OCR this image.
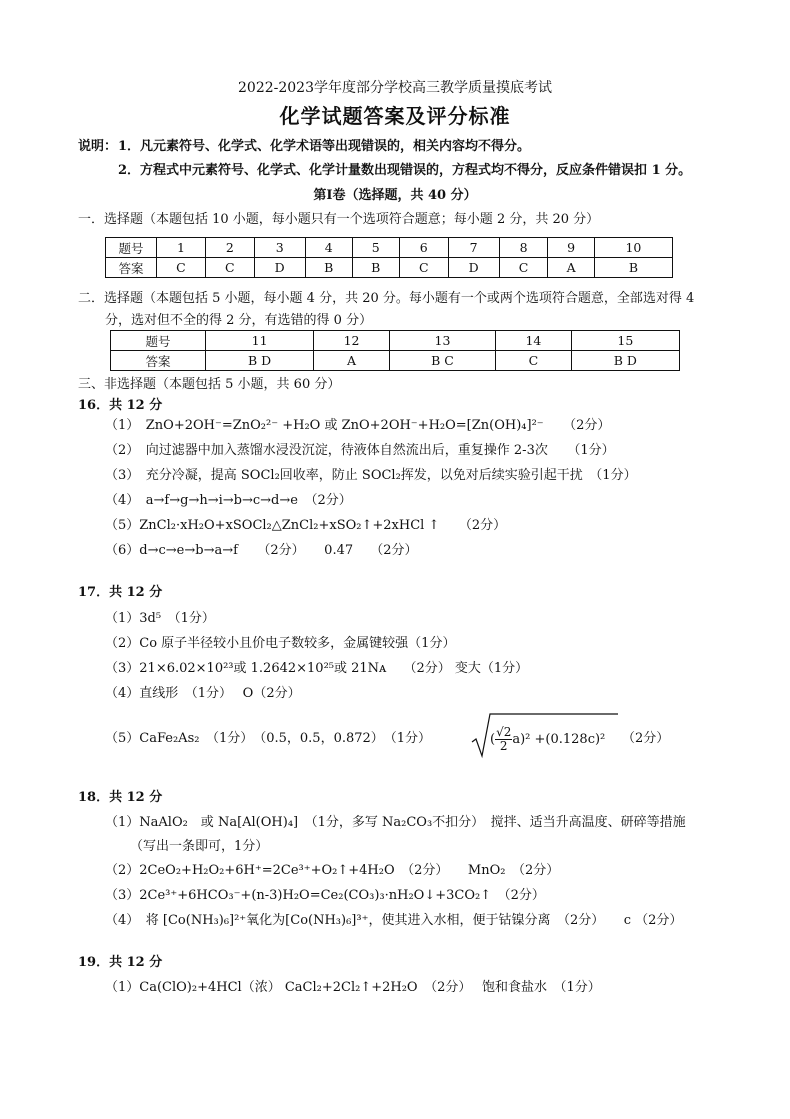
2022-2023学年度部分学校高三教学质量摸底考试
化学试题答案及评分标准
说明： 1．凡元素符号、化学式、化学术语等出现错误的，相关内容均不得分。
2．方程式中元素符号、化学式、化学计量数出现错误的，方程式均不得分，反应条件错误扣 1 分。
第Ⅰ卷（选择题，共 40 分）
一．选择题（本题包括 10 小题，每小题只有一个选项符合题意；每小题 2 分，共 20 分）
题号	1	2	3	4	5	6	7	8	9	10
答案	C	C	D	B	B	C	D	C	A	B
二．选择题（本题包括 5 小题，每小题 4 分，共 20 分。每小题有一个或两个选项符合题意，全部选对得 4
分，选对但不全的得 2 分，有选错的得 0 分）
题号	11	12	13	14	15
答案	B D	A	B C	C	B D
三、非选择题（本题包括 5 小题，共 60 分）
16．共 12 分
（1）　ZnO+2OH⁻=ZnO₂²⁻ +H₂O 或 ZnO+2OH⁻+H₂O=[Zn(OH)₄]²⁻　　（2分）
（2）　向过滤器中加入蒸馏水浸没沉淀，待液体自然流出后，重复操作 2-3次　　（1分）
（3）　充分冷凝，提高 SOCl₂回收率，防止 SOCl₂挥发，以免对后续实验引起干扰　（1分）
（4）　a→f→g→h→i→b→c→d→e　（2分）
（5）ZnCl₂·xH₂O+xSOCl₂△ZnCl₂+xSO₂↑+2xHCl ↑　　（2分）
（6）d→c→e→b→a→f　　（2分）　　0.47　 （2分）
17．共 12 分
（1）3d⁵　（1分）
（2）Co 原子半径较小且价电子数较多，金属键较强（1分）
（3）21×6.02×10²³或 1.2642×10²⁵或 21Nᴀ　 （2分） 变大（1分）
（4）直线形　（1分）　 O（2分）
（5）CaFe₂As₂　（1分）　（0.5，0.5，0.872）　（1分）	( $\frac{√2}{2} a)^2 +(0.128c)^2$ （2分）
18．共 12 分
（1）NaAlO₂　或 Na[Al(OH)₄]　（1分，多写 Na₂CO₃不扣分）　搅拌、适当升高温度、研碎等措施
（写出一条即可，1分）
（2）2CeO₂+H₂O₂+6H⁺=2Ce³⁺+O₂↑+4H₂O　（2分）　　MnO₂　（2分）
（3）2Ce³⁺+6HCO₃⁻+(n-3)H₂O=Ce₂(CO₃)₃·nH₂O↓+3CO₂↑　（2分）
（4）　将 [Co(NH₃)₆]²⁺氧化为[Co(NH₃)₆]³⁺，使其进入水相，便于钴镍分离　（2分）　　c （2分）
19．共 12 分
（1）Ca(ClO)₂+4HCl（浓） CaCl₂+2Cl₂↑+2H₂O　（2分）　 饱和食盐水　（1分）
